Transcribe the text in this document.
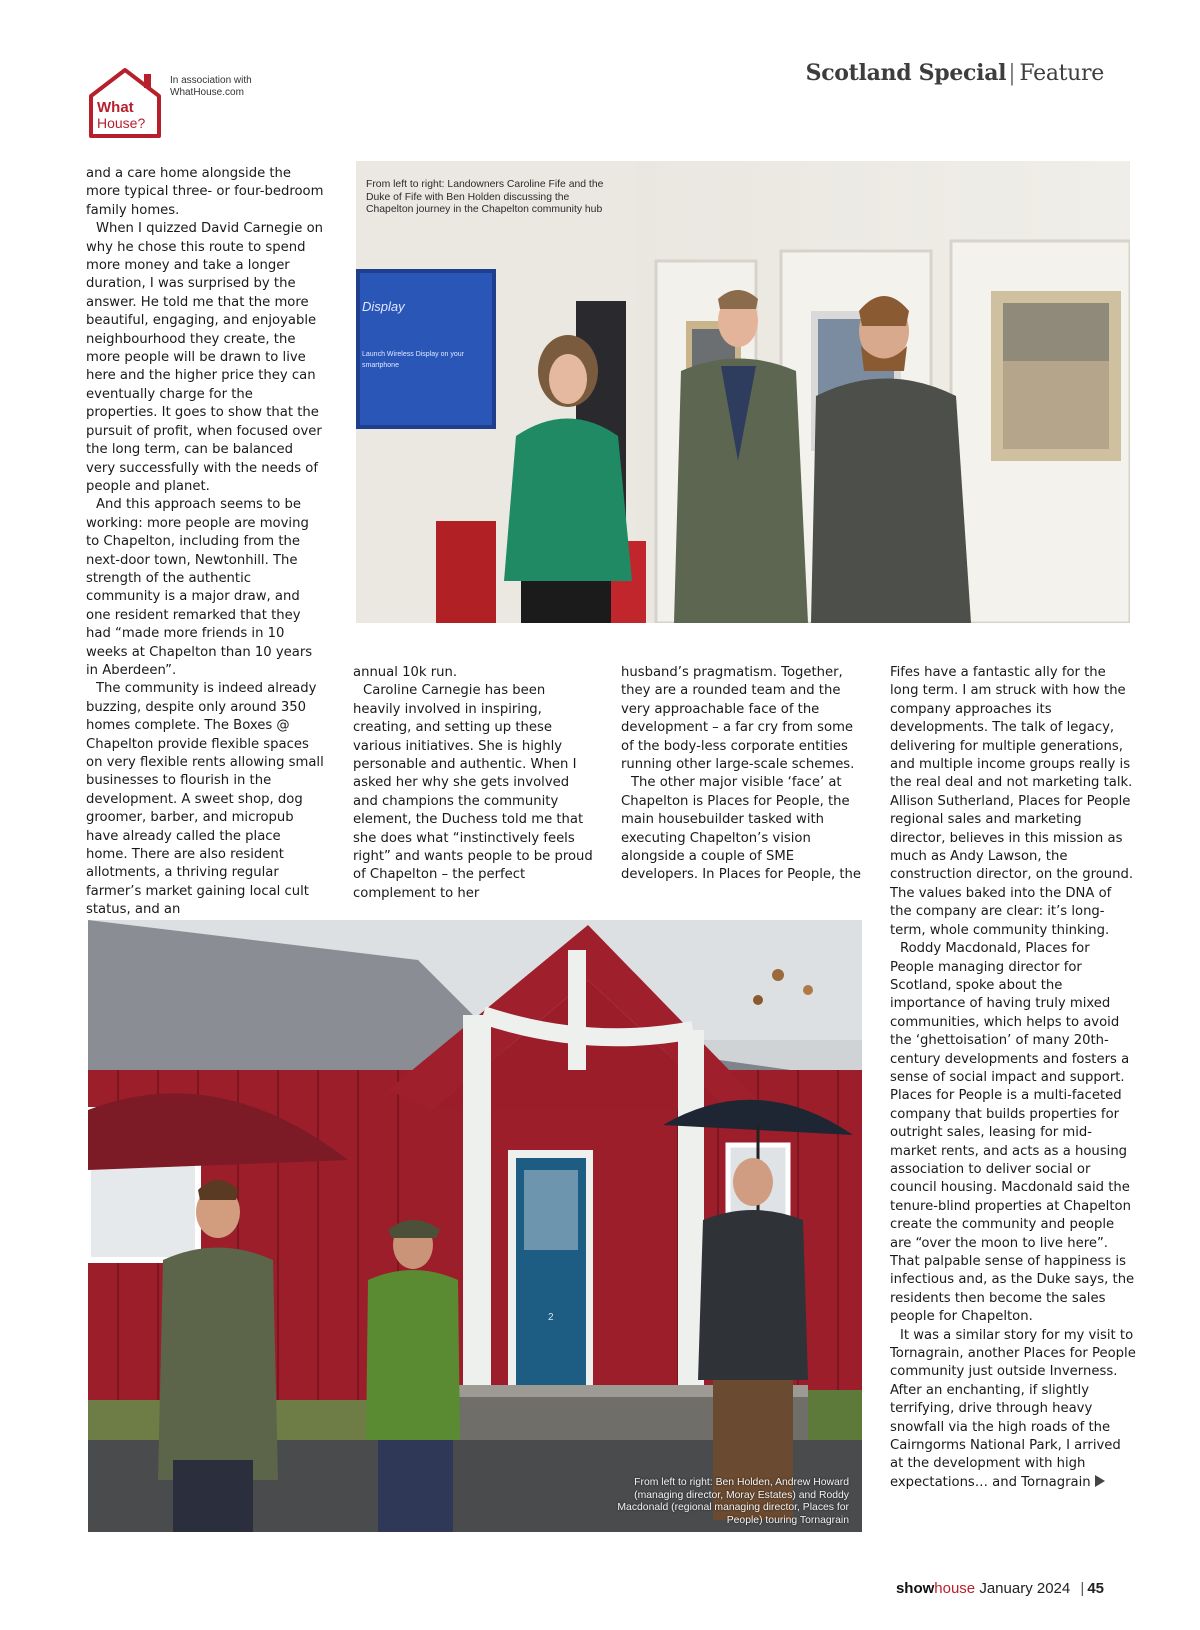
What
House?
In association with
WhatHouse.com
Scotland Special| Feature
Display
Launch Wireless Display on your
smartphone
From left to right: Landowners Caroline Fife and the Duke of Fife with Ben Holden discussing the Chapelton journey in the Chapelton community hub

and a care home alongside the more typical three- or four-bedroom family homes.

When I quizzed David Carnegie on why he chose this route to spend more money and take a longer duration, I was surprised by the answer. He told me that the more beautiful, engaging, and enjoyable neighbourhood they create, the more people will be drawn to live here and the higher price they can eventually charge for the properties. It goes to show that the pursuit of profit, when focused over the long term, can be balanced very successfully with the needs of people and planet.

And this approach seems to be working: more people are moving to Chapelton, including from the next-door town, Newtonhill. The strength of the authentic community is a major draw, and one resident remarked that they had “made more friends in 10 weeks at Chapelton than 10 years in Aberdeen”.

The community is indeed already buzzing, despite only around 350 homes complete. The Boxes @ Chapelton provide flexible spaces on very flexible rents allowing small businesses to flourish in the development. A sweet shop, dog groomer, barber, and micropub have already called the place home. There are also resident allotments, a thriving regular farmer’s market gaining local cult status, and an

annual 10k run.

Caroline Carnegie has been heavily involved in inspiring, creating, and setting up these various initiatives. She is highly personable and authentic. When I asked her why she gets involved and champions the community element, the Duchess told me that she does what “instinctively feels right” and wants people to be proud of Chapelton – the perfect complement to her

husband’s pragmatism. Together, they are a rounded team and the very approachable face of the development – a far cry from some of the body-less corporate entities running other large-scale schemes.

The other major visible ‘face’ at Chapelton is Places for People, the main housebuilder tasked with executing Chapelton’s vision alongside a couple of SME developers. In Places for People, the

Fifes have a fantastic ally for the long term. I am struck with how the company approaches its developments. The talk of legacy, delivering for multiple generations, and multiple income groups really is the real deal and not marketing talk. Allison Sutherland, Places for People regional sales and marketing director, believes in this mission as much as Andy Lawson, the construction director, on the ground. The values baked into the DNA of the company are clear: it’s long-term, whole community thinking.

Roddy Macdonald, Places for People managing director for Scotland, spoke about the importance of having truly mixed communities, which helps to avoid the ‘ghettoisation’ of many 20th-century developments and fosters a sense of social impact and support. Places for People is a multi-faceted company that builds properties for outright sales, leasing for mid-market rents, and acts as a housing association to deliver social or council housing. Macdonald said the tenure-blind properties at Chapelton create the community and people are “over the moon to live here”. That palpable sense of happiness is infectious and, as the Duke says, the residents then become the sales people for Chapelton.

It was a similar story for my visit to Tornagrain, another Places for People community just outside Inverness. After an enchanting, if slightly terrifying, drive through heavy snowfall via the high roads of the Cairngorms National Park, I arrived at the development with high expectations… and Tornagrain

2
From left to right: Ben Holden, Andrew Howard (managing director, Moray Estates) and Roddy Macdonald (regional managing director, Places for People) touring Tornagrain
showhouse January 2024 | 45
